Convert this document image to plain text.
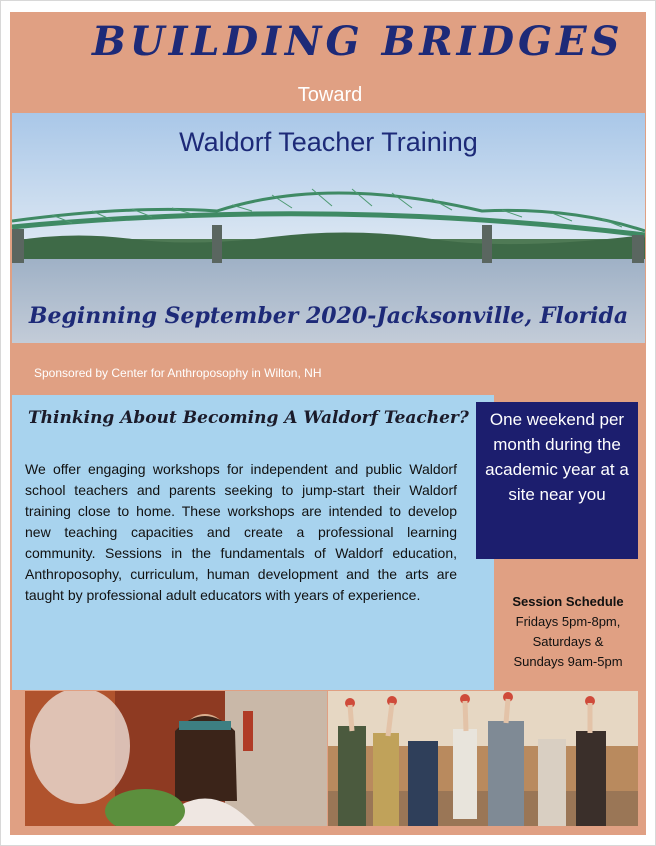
BUILDING BRIDGES
Toward
Waldorf Teacher Training
Beginning September 2020-Jacksonville, Florida
Sponsored by Center for Anthroposophy in Wilton, NH
Thinking About Becoming A Waldorf Teacher?
We offer engaging workshops for independent and public Waldorf school teachers and parents seeking to jump-start their Waldorf training close to home. These workshops are intended to develop new teaching capacities and create a professional learning community. Sessions in the fundamentals of Waldorf education, Anthroposophy, curriculum, human development and the arts are taught by professional adult educators with years of experience.
One weekend per month during the academic year at a site near you
Session Schedule
Fridays 5pm-8pm,
Saturdays &
Sundays 9am-5pm
